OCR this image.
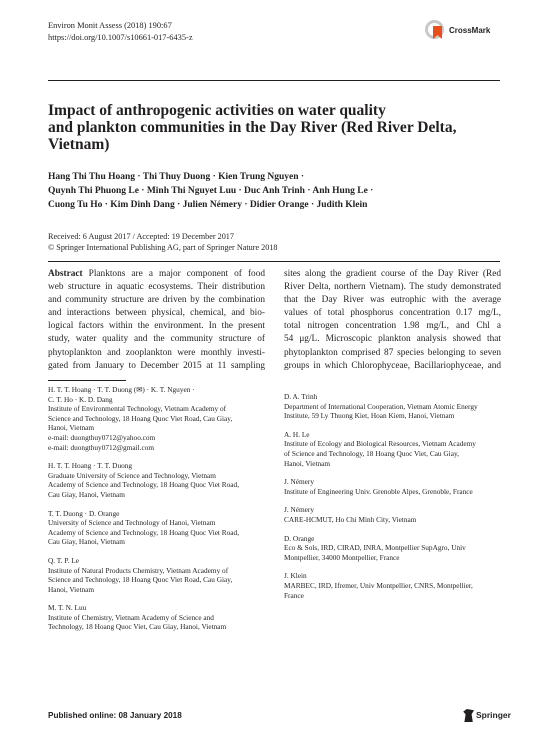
Environ Monit Assess (2018) 190:67
https://doi.org/10.1007/s10661-017-6435-z
CrossMark
Impact of anthropogenic activities on water quality
and plankton communities in the Day River (Red River Delta,
Vietnam)
Hang Thi Thu Hoang · Thi Thuy Duong · Kien Trung Nguyen ·
Quynh Thi Phuong Le · Minh Thi Nguyet Luu · Duc Anh Trinh · Anh Hung Le ·
Cuong Tu Ho · Kim Dinh Dang · Julien Némery · Didier Orange · Judith Klein
Received: 6 August 2017 / Accepted: 19 December 2017
© Springer International Publishing AG, part of Springer Nature 2018
Abstract Planktons are a major component of food
web structure in aquatic ecosystems. Their distribution
and community structure are driven by the combination
and interactions between physical, chemical, and bio-
logical factors within the environment. In the present
study, water quality and the community structure of
phytoplankton and zooplankton were monthly investi-
gated from January to December 2015 at 11 sampling
sites along the gradient course of the Day River (Red
River Delta, northern Vietnam). The study demonstrated
that the Day River was eutrophic with the average
values of total phosphorus concentration 0.17 mg/L,
total nitrogen concentration 1.98 mg/L, and Chl a
54 μg/L. Microscopic plankton analysis showed that
phytoplankton comprised 87 species belonging to seven
groups in which Chlorophyceae, Bacillariophyceae, and
H. T. T. Hoang · T. T. Duong (✉) · K. T. Nguyen ·
C. T. Ho · K. D. Dang
Institute of Environmental Technology, Vietnam Academy of
Science and Technology, 18 Hoang Quoc Viet Road, Cau Giay,
Hanoi, Vietnam
e-mail: duongthuy0712@yahoo.com
e-mail: duongthuy0712@gmail.com
H. T. T. Hoang · T. T. Duong
Graduate University of Science and Technology, Vietnam
Academy of Science and Technology, 18 Hoang Quoc Viet Road,
Cau Giay, Hanoi, Vietnam
T. T. Duong · D. Orange
University of Science and Technology of Hanoi, Vietnam
Academy of Science and Technology, 18 Hoang Quoc Viet Road,
Cau Giay, Hanoi, Vietnam
Q. T. P. Le
Institute of Natural Products Chemistry, Vietnam Academy of
Science and Technology, 18 Hoang Quoc Viet Road, Cau Giay,
Hanoi, Vietnam
M. T. N. Luu
Institute of Chemistry, Vietnam Academy of Science and
Technology, 18 Hoang Quoc Viet, Cau Giay, Hanoi, Vietnam
D. A. Trinh
Department of International Cooperation, Vietnam Atomic Energy
Institute, 59 Ly Thuong Kiet, Hoan Kiem, Hanoi, Vietnam
A. H. Le
Institute of Ecology and Biological Resources, Vietnam Academy
of Science and Technology, 18 Hoang Quoc Viet, Cau Giay,
Hanoi, Vietnam
J. Némery
Institute of Engineering Univ. Grenoble Alpes, Grenoble, France
J. Némery
CARE-HCMUT, Ho Chi Minh City, Vietnam
D. Orange
Eco & Sols, IRD, CIRAD, INRA, Montpellier SupAgro, Univ
Montpellier, 34000 Montpellier, France
J. Klein
MARBEC, IRD, Ifremer, Univ Montpellier, CNRS, Montpellier,
France
Published online: 08 January 2018	Springer
